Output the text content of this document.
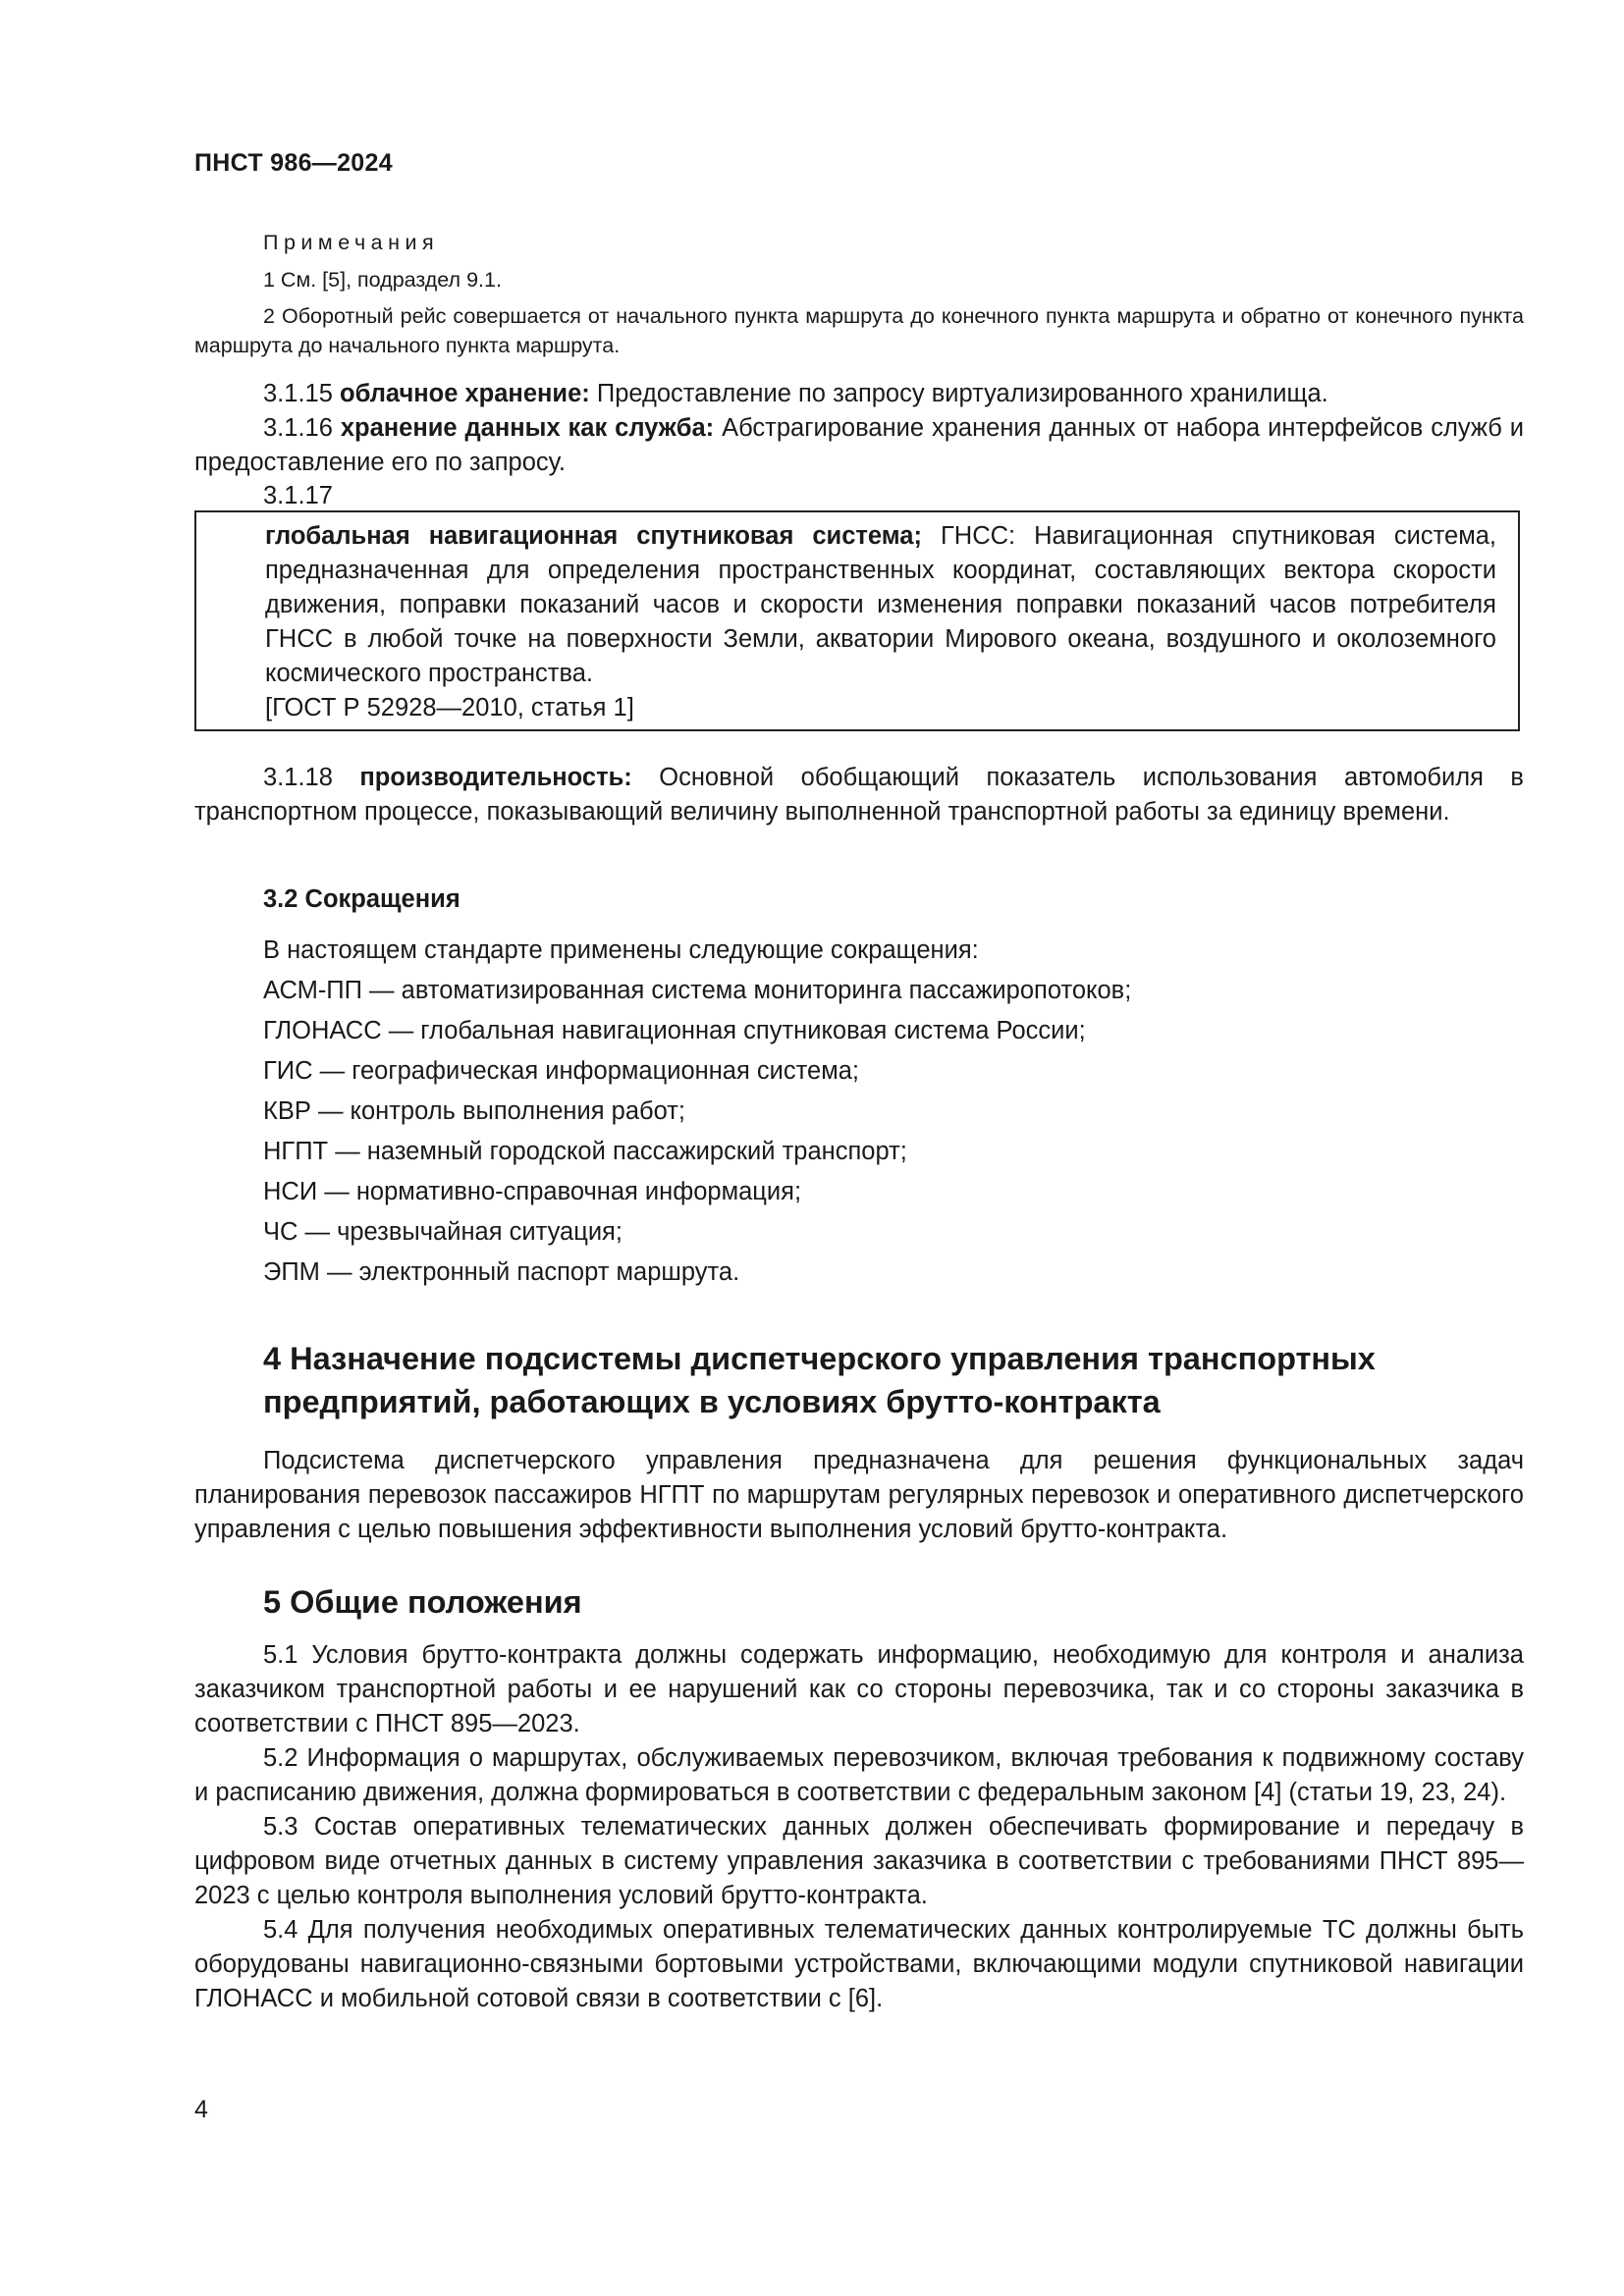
ПНСТ 986—2024

Примечания

1 См. [5], подраздел 9.1.

2 Оборотный рейс совершается от начального пункта маршрута до конечного пункта маршрута и обратно от конечного пункта маршрута до начального пункта маршрута.

3.1.15 облачное хранение: Предоставление по запросу виртуализированного хранилища.

3.1.16 хранение данных как служба: Абстрагирование хранения данных от набора интерфейсов служб и предоставление его по запросу.

3.1.17

глобальная навигационная спутниковая система; ГНСС: Навигационная спутниковая система, предназначенная для определения пространственных координат, составляющих вектора скорости движения, поправки показаний часов и скорости изменения поправки показаний часов потребителя ГНСС в любой точке на поверхности Земли, акватории Мирового океана, воздушного и околоземного космического пространства.

[ГОСТ Р 52928—2010, статья 1]

3.1.18 производительность: Основной обобщающий показатель использования автомобиля в транспортном процессе, показывающий величину выполненной транспортной работы за единицу времени.

3.2 Сокращения
В настоящем стандарте применены следующие сокращения:
АСМ-ПП — автоматизированная система мониторинга пассажиропотоков;
ГЛОНАСС — глобальная навигационная спутниковая система России;
ГИС — географическая информационная система;
КВР — контроль выполнения работ;
НГПТ — наземный городской пассажирский транспорт;
НСИ — нормативно-справочная информация;
ЧС — чрезвычайная ситуация;
ЭПМ — электронный паспорт маршрута.
4 Назначение подсистемы диспетчерского управления транспортных
предприятий, работающих в условиях брутто-контракта

Подсистема диспетчерского управления предназначена для решения функциональных задач планирования перевозок пассажиров НГПТ по маршрутам регулярных перевозок и оперативного диспетчерского управления с целью повышения эффективности выполнения условий брутто-контракта.

5 Общие положения

5.1 Условия брутто-контракта должны содержать информацию, необходимую для контроля и анализа заказчиком транспортной работы и ее нарушений как со стороны перевозчика, так и со стороны заказчика в соответствии с ПНСТ 895—2023.

5.2 Информация о маршрутах, обслуживаемых перевозчиком, включая требования к подвижному составу и расписанию движения, должна формироваться в соответствии с федеральным законом [4] (статьи 19, 23, 24).

5.3 Состав оперативных телематических данных должен обеспечивать формирование и передачу в цифровом виде отчетных данных в систему управления заказчика в соответствии с требованиями ПНСТ 895—2023 с целью контроля выполнения условий брутто-контракта.

5.4 Для получения необходимых оперативных телематических данных контролируемые ТС должны быть оборудованы навигационно-связными бортовыми устройствами, включающими модули спутниковой навигации ГЛОНАСС и мобильной сотовой связи в соответствии с [6].

4
